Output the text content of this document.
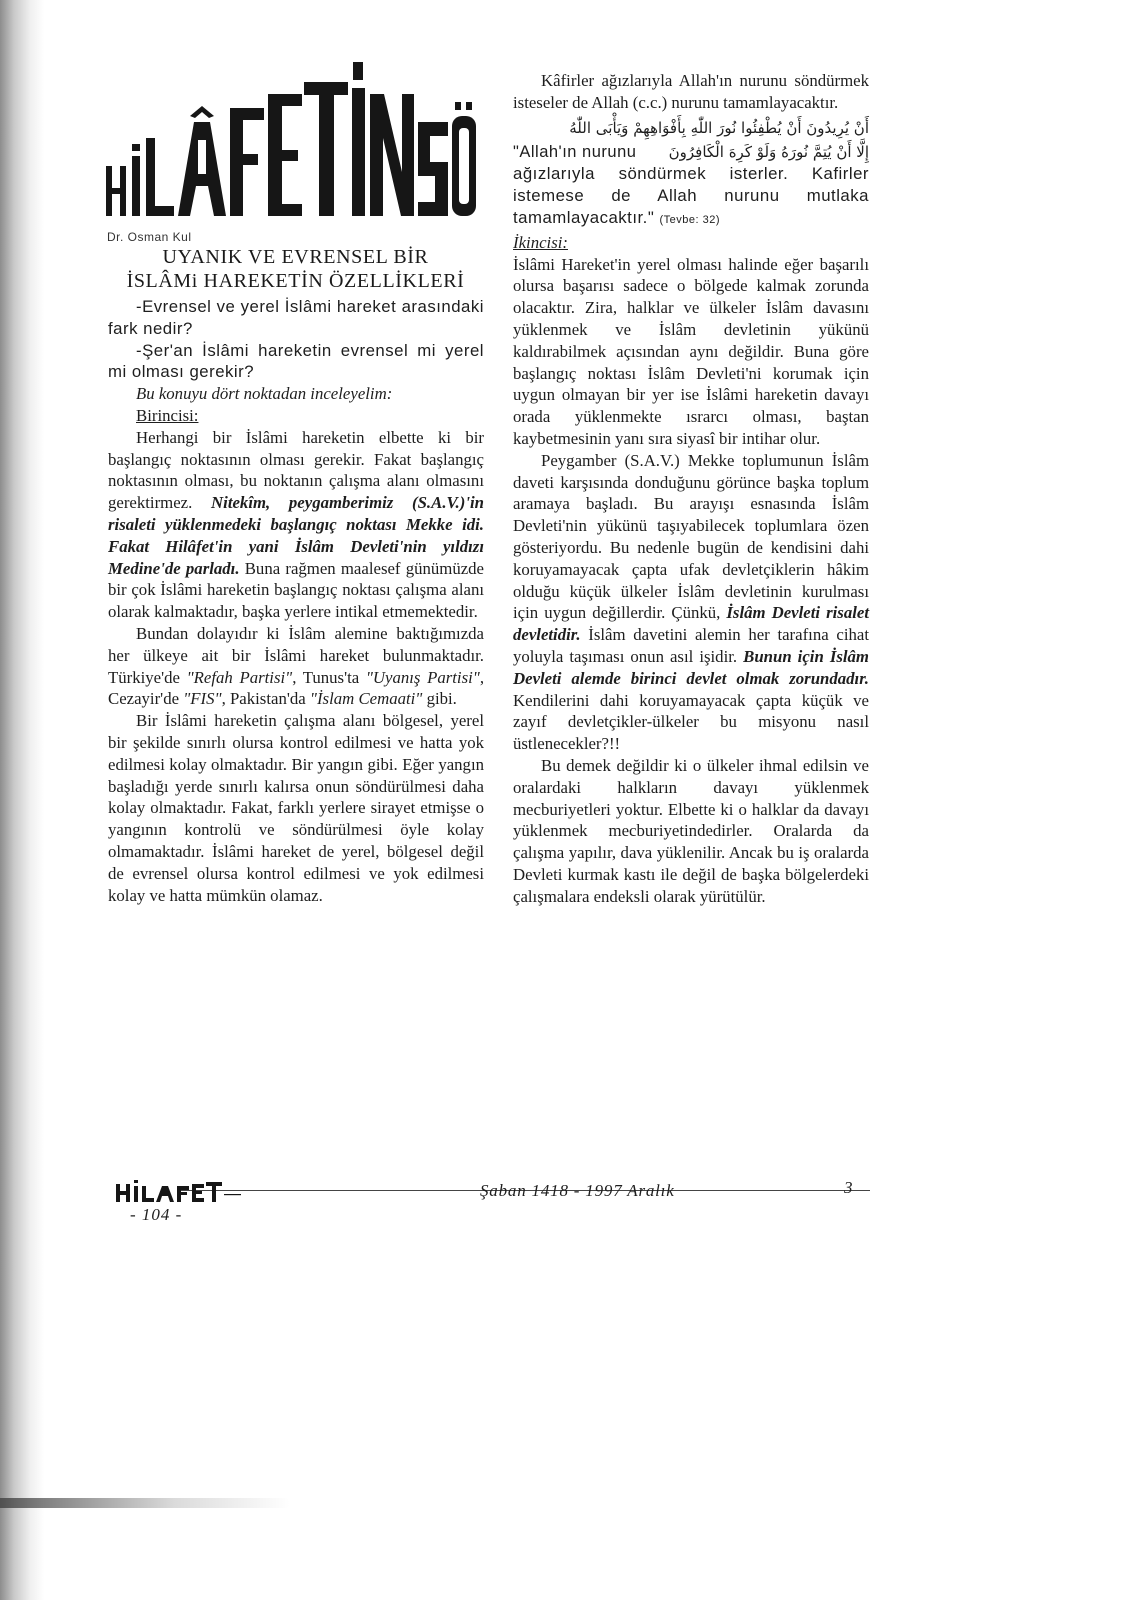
Dr. Osman Kul
UYANIK VE EVRENSEL BİR
İSLÂMi HAREKETİN ÖZELLİKLERİ

-Evrensel ve yerel İslâmi hareket arasındaki fark nedir?

-Şer'an İslâmi hareketin evrensel mi yerel mi olması gerekir?

Bu konuyu dört noktadan inceleyelim:

Birincisi:

Herhangi bir İslâmi hareketin elbette ki bir başlangıç noktasının olması gerekir. Fakat başlangıç noktasının olması, bu noktanın çalışma alanı olmasını gerektirmez. Nitekîm, peygamberimiz (S.A.V.)'in risaleti yüklenmedeki başlangıç noktası Mekke idi. Fakat Hilâfet'in yani İslâm Devleti'nin yıldızı Medine'de parladı. Buna rağmen maalesef günümüzde bir çok İslâmi hareketin başlangıç noktası çalışma alanı olarak kalmaktadır, başka yerlere intikal etmemektedir.

Bundan dolayıdır ki İslâm alemine baktığımızda her ülkeye ait bir İslâmi hareket bulunmaktadır. Türkiye'de "Refah Partisi", Tunus'ta "Uyanış Partisi", Cezayir'de "FIS", Pakistan'da "İslam Cemaati" gibi.

Bir İslâmi hareketin çalışma alanı bölgesel, yerel bir şekilde sınırlı olursa kontrol edilmesi ve hatta yok edilmesi kolay olmaktadır. Bir yangın gibi. Eğer yangın başladığı yerde sınırlı kalırsa onun söndürülmesi daha kolay olmaktadır. Fakat, farklı yerlere sirayet etmişse o yangının kontrolü ve söndürülmesi öyle kolay olmamaktadır. İslâmi hareket de yerel, bölgesel değil de evrensel olursa kontrol edilmesi ve yok edilmesi kolay ve hatta mümkün olamaz.

Kâfirler ağızlarıyla Allah'ın nurunu söndürmek isteseler de Allah (c.c.) nurunu tamamlayacaktır.

أَنْ يُرِيدُونَ أَنْ يُطْفِئُوا نُورَ اللّٰهِ بِأَفْوَاهِهِمْ وَيَأْبَى اللّٰهُ
"Allah'ın nurunu إِلَّا أَنْ يُتِمَّ نُورَهُ وَلَوْ كَرِهَ الْكَافِرُونَ

ağızlarıyla söndürmek isterler. Kafirler istemese de Allah nurunu mutlaka tamamlayacaktır." (Tevbe: 32)

İkincisi:

İslâmi Hareket'in yerel olması halinde eğer başarılı olursa başarısı sadece o bölgede kalmak zorunda olacaktır. Zira, halklar ve ülkeler İslâm davasını yüklenmek ve İslâm devletinin yükünü kaldırabilmek açısından aynı değildir. Buna göre başlangıç noktası İslâm Devleti'ni korumak için uygun olmayan bir yer ise İslâmi hareketin davayı orada yüklenmekte ısrarcı olması, baştan kaybetmesinin yanı sıra siyasî bir intihar olur.

Peygamber (S.A.V.) Mekke toplumunun İslâm daveti karşısında donduğunu görünce başka toplum aramaya başladı. Bu arayışı esnasında İslâm Devleti'nin yükünü taşıyabilecek toplumlara özen gösteriyordu. Bu nedenle bugün de kendisini dahi koruyamayacak çapta ufak devletçiklerin hâkim olduğu küçük ülkeler İslâm devletinin kurulması için uygun değillerdir. Çünkü, İslâm Devleti risalet devletidir. İslâm davetini alemin her tarafına cihat yoluyla taşıması onun asıl işidir. Bunun için İslâm Devleti alemde birinci devlet olmak zorundadır. Kendilerini dahi koruyamayacak çapta küçük ve zayıf devletçikler-ülkeler bu misyonu nasıl üstlenecekler?!!

Bu demek değildir ki o ülkeler ihmal edilsin ve oralardaki halkların davayı yüklenmek mecburiyetleri yoktur. Elbette ki o halklar da davayı yüklenmek mecburiyetindedirler. Oralarda da çalışma yapılır, dava yüklenilir. Ancak bu iş oralarda Devleti kurmak kastı ile değil de başka bölgelerdeki çalışmalara endeksli olarak yürütülür.

- 104 -
Şaban 1418 - 1997 Aralık	3
